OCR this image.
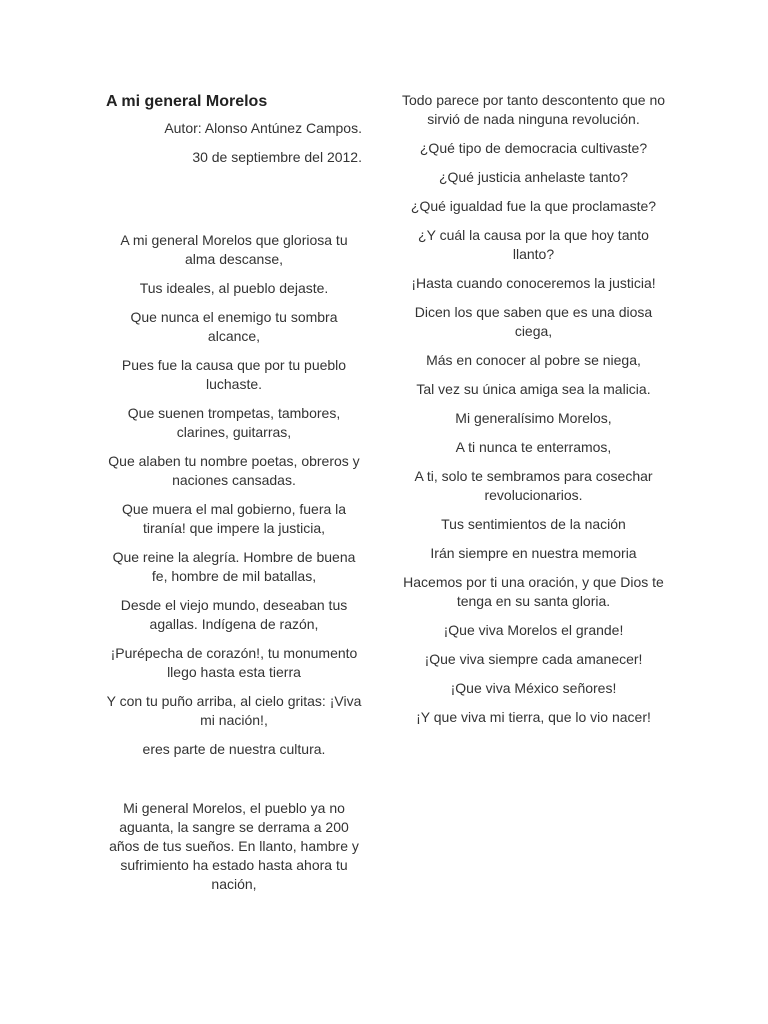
A mi general Morelos
Autor: Alonso Antúnez Campos.
30 de septiembre del 2012.
A mi general Morelos que gloriosa tu alma descanse,
Tus ideales, al pueblo dejaste.
Que nunca el enemigo tu sombra alcance,
Pues fue la causa que por tu pueblo luchaste.
Que suenen trompetas, tambores, clarines, guitarras,
Que alaben tu nombre poetas, obreros y naciones cansadas.
Que muera el mal gobierno, fuera la tiranía! que impere la justicia,
Que reine la alegría. Hombre de buena fe, hombre de mil batallas,
Desde el viejo mundo, deseaban tus agallas. Indígena de razón,
¡Purépecha de corazón!, tu monumento llego hasta esta tierra
Y con tu puño arriba, al cielo gritas: ¡Viva mi nación!,
eres parte de nuestra cultura.
Mi general Morelos, el pueblo ya no aguanta, la sangre se derrama a 200 años de tus sueños. En llanto, hambre y sufrimiento ha estado hasta ahora tu nación,
Todo parece por tanto descontento que no sirvió de nada ninguna revolución.
¿Qué tipo de democracia cultivaste?
¿Qué justicia anhelaste tanto?
¿Qué igualdad fue la que proclamaste?
¿Y cuál la causa por la que hoy tanto llanto?
¡Hasta cuando conoceremos la justicia!
Dicen los que saben que es una diosa ciega,
Más en conocer al pobre se niega,
Tal vez su única amiga sea la malicia.
Mi generalísimo Morelos,
A ti nunca te enterramos,
A ti, solo te sembramos para cosechar revolucionarios.
Tus sentimientos de la nación
Irán siempre en nuestra memoria
Hacemos por ti una oración, y que Dios te tenga en su santa gloria.
¡Que viva Morelos el grande!
¡Que viva siempre cada amanecer!
¡Que viva México señores!
¡Y que viva mi tierra, que lo vio nacer!
